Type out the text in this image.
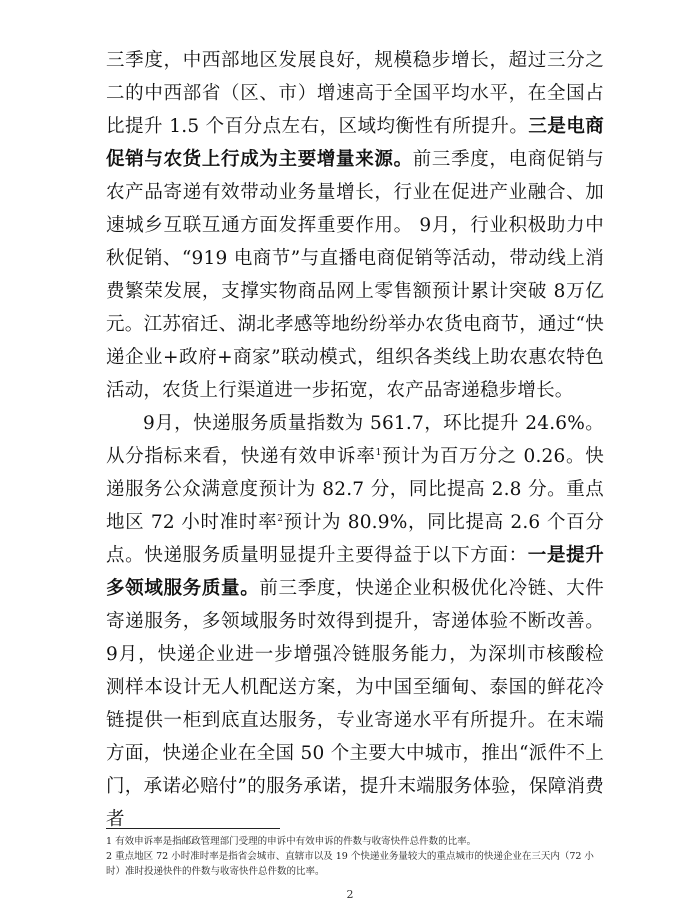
三季度，中西部地区发展良好，规模稳步增长，超过三分之二的中西部省（区、市）增速高于全国平均水平，在全国占比提升 1.5 个百分点左右，区域均衡性有所提升。三是电商促销与农货上行成为主要增量来源。前三季度，电商促销与农产品寄递有效带动业务量增长，行业在促进产业融合、加速城乡互联互通方面发挥重要作用。 9月，行业积极助力中秋促销、“919 电商节”与直播电商促销等活动，带动线上消费繁荣发展，支撑实物商品网上零售额预计累计突破 8万亿元。江苏宿迁、湖北孝感等地纷纷举办农货电商节，通过“快递企业+政府+商家”联动模式，组织各类线上助农惠农特色活动，农货上行渠道进一步拓宽，农产品寄递稳步增长。

9月，快递服务质量指数为 561.7，环比提升 24.6%。从分指标来看，快递有效申诉率$^1$预计为百万分之 0.26。快递服务公众满意度预计为 82.7 分，同比提高 2.8 分。重点地区 72 小时准时率$^2$预计为 80.9%，同比提高 2.6 个百分点。快递服务质量明显提升主要得益于以下方面：一是提升多领域服务质量。前三季度，快递企业积极优化冷链、大件寄递服务，多领域服务时效得到提升，寄递体验不断改善。9月，快递企业进一步增强冷链服务能力，为深圳市核酸检测样本设计无人机配送方案，为中国至缅甸、泰国的鲜花冷链提供一柜到底直达服务，专业寄递水平有所提升。在末端方面，快递企业在全国 50 个主要大中城市，推出“派件不上门，承诺必赔付”的服务承诺，提升末端服务体验，保障消费者

1 有效申诉率是指邮政管理部门受理的申诉中有效申诉的件数与收寄快件总件数的比率。

2 重点地区 72 小时准时率是指省会城市、直辖市以及 19 个快递业务量较大的重点城市的快递企业在三天内（72 小时）准时投递快件的件数与收寄快件总件数的比率。

2
